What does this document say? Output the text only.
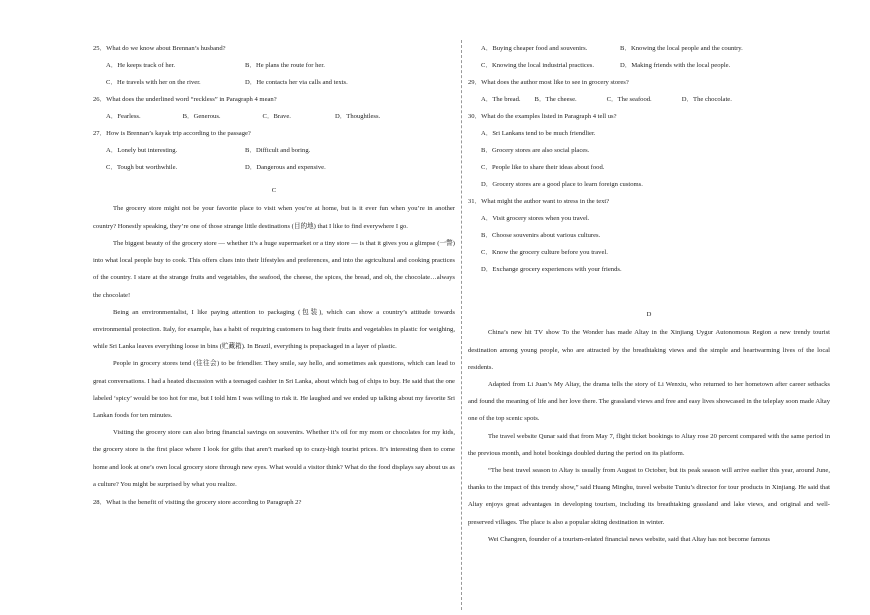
25．What do we know about Brennan’s husband?
A．He keeps track of her.	B．He plans the route for her.
C．He travels with her on the river.	D．He contacts her via calls and texts.
26．What does the underlined word “reckless” in Paragraph 4 mean?
A．Fearless.	B．Generous.	C．Brave.	D．Thoughtless.
27．How is Brennan’s kayak trip according to the passage?
A．Lonely but interesting.	B．Difficult and boring.
C．Tough but worthwhile.	D．Dangerous and expensive.
C

The grocery store might not be your favorite place to visit when you’re at home, but is it ever fun when you’re in another country? Honestly speaking, they’re one of those strange little destinations (目的地) that I like to find everywhere I go.

The biggest beauty of the grocery store — whether it’s a huge supermarket or a tiny store — is that it gives you a glimpse (一瞥) into what local people buy to cook. This offers clues into their lifestyles and preferences, and into the agricultural and cooking practices of the country. I stare at the strange fruits and vegetables, the seafood, the cheese, the spices, the bread, and oh, the chocolate…always the chocolate!

Being an environmentalist, I like paying attention to packaging (包装), which can show a country’s attitude towards environmental protection. Italy, for example, has a habit of requiring customers to bag their fruits and vegetables in plastic for weighing, while Sri Lanka leaves everything loose in bins (贮藏箱). In Brazil, everything is prepackaged in a layer of plastic.

People in grocery stores tend (往往会) to be friendlier. They smile, say hello, and sometimes ask questions, which can lead to great conversations. I had a heated discussion with a teenaged cashier in Sri Lanka, about which bag of chips to buy. He said that the one labeled ‘spicy’ would be too hot for me, but I told him I was willing to risk it. He laughed and we ended up talking about my favorite Sri Lankan foods for ten minutes.

Visiting the grocery store can also bring financial savings on souvenirs. Whether it’s oil for my mom or chocolates for my kids, the grocery store is the first place where I look for gifts that aren’t marked up to crazy-high tourist prices. It’s interesting then to come home and look at one’s own local grocery store through new eyes. What would a visitor think? What do the food displays say about us as a culture? You might be surprised by what you realize.

28．What is the benefit of visiting the grocery store according to Paragraph 2?
A．Buying cheaper food and souvenirs.	B．Knowing the local people and the country.
C．Knowing the local industrial practices.	D．Making friends with the local people.
29．What does the author most like to see in grocery stores?
A．The bread. B．The cheese.	C．The seafood.	D．The chocolate.
30．What do the examples listed in Paragraph 4 tell us?
A．Sri Lankans tend to be much friendlier.
B．Grocery stores are also social places.
C．People like to share their ideas about food.
D．Grocery stores are a good place to learn foreign customs.
31．What might the author want to stress in the text?
A．Visit grocery stores when you travel.
B．Choose souvenirs about various cultures.
C．Know the grocery culture before you travel.
D．Exchange grocery experiences with your friends.
D

China’s new hit TV show To the Wonder has made Altay in the Xinjiang Uygur Autonomous Region a new trendy tourist destination among young people, who are attracted by the breathtaking views and the simple and heartwarming lives of the local residents.

Adapted from Li Juan’s My Altay, the drama tells the story of Li Wenxiu, who returned to her hometown after career setbacks and found the meaning of life and her love there. The grassland views and free and easy lives showcased in the teleplay soon made Altay one of the top scenic spots.

The travel website Qunar said that from May 7, flight ticket bookings to Altay rose 20 percent compared with the same period in the previous month, and hotel bookings doubled during the period on its platform.

“The best travel season to Altay is usually from August to October, but its peak season will arrive earlier this year, around June, thanks to the impact of this trendy show,” said Huang Minghu, travel website Tuniu’s director for tour products in Xinjiang. He said that Altay enjoys great advantages in developing tourism, including its breathtaking grassland and lake views, and original and well-preserved villages. The place is also a popular skiing destination in winter.

Wei Changren, founder of a tourism-related financial news website, said that Altay has not become famous
